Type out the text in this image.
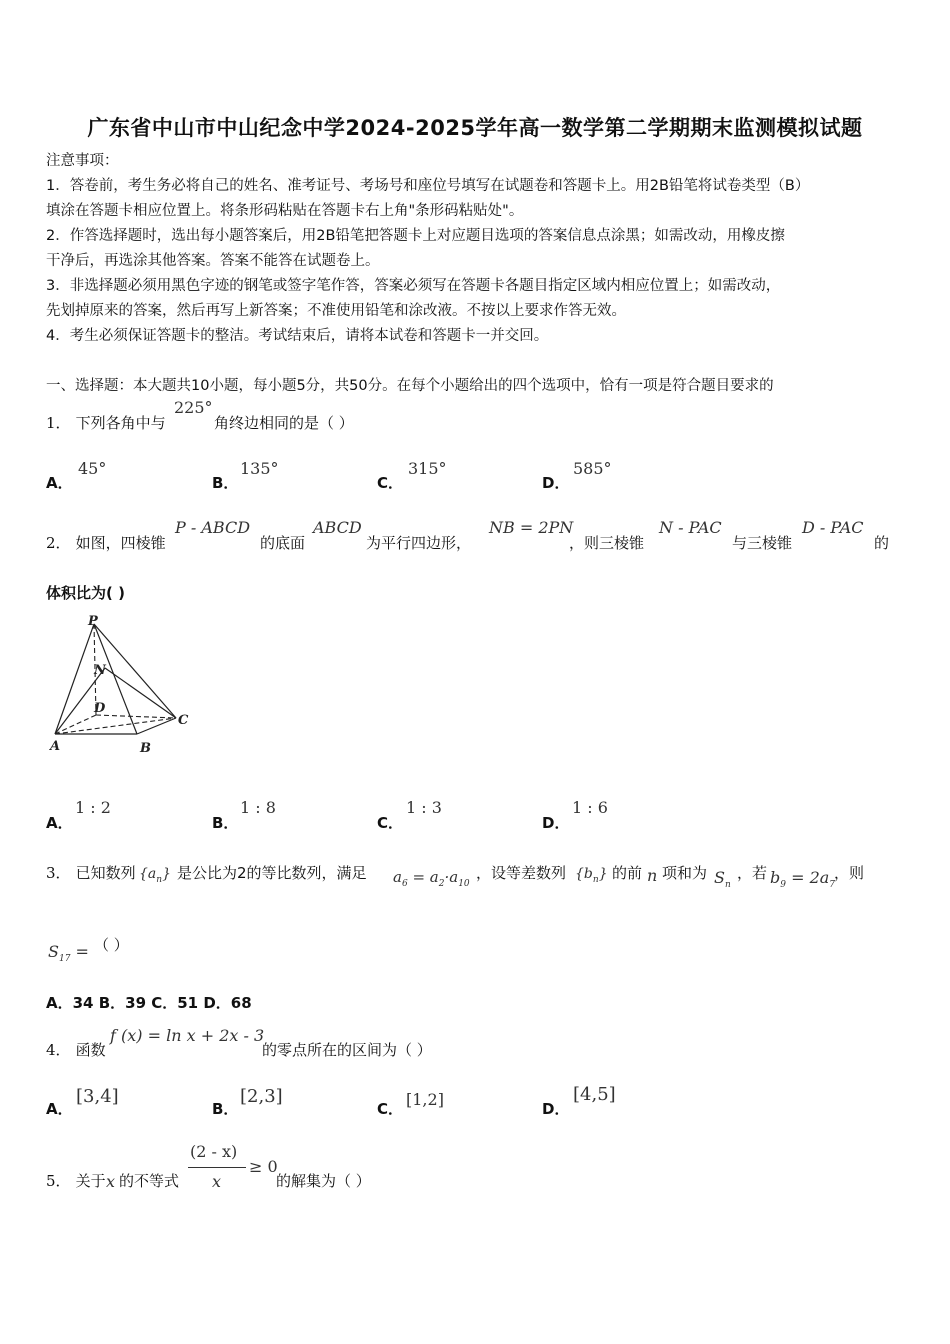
广东省中山市中山纪念中学2024-2025学年高一数学第二学期期末监测模拟试题
注意事项：
1．答卷前，考生务必将自己的姓名、准考证号、考场号和座位号填写在试题卷和答题卡上。用2B铅笔将试卷类型（B）
填涂在答题卡相应位置上。将条形码粘贴在答题卡右上角"条形码粘贴处"。
2．作答选择题时，选出每小题答案后，用2B铅笔把答题卡上对应题目选项的答案信息点涂黑；如需改动，用橡皮擦
干净后，再选涂其他答案。答案不能答在试题卷上。
3．非选择题必须用黑色字迹的钢笔或签字笔作答，答案必须写在答题卡各题目指定区域内相应位置上；如需改动，
先划掉原来的答案，然后再写上新答案；不准使用铅笔和涂改液。不按以上要求作答无效。
4．考生必须保证答题卡的整洁。考试结束后，请将本试卷和答题卡一并交回。
一、选择题：本大题共10小题，每小题5分，共50分。在每个小题给出的四个选项中，恰有一项是符合题目要求的
1． 下列各角中与
225°
角终边相同的是（ ）
A．
45°
B．
135°
C．
315°
D．
585°
2． 如图，四棱锥
P - ABCD
的底面
ABCD
为平行四边形，
NB = 2PN
，则三棱锥
N - PAC
与三棱锥
D - PAC
的
体积比为( )
P
N
D
C
A	B
A．
1 : 2
B．
1 : 8
C．
1 : 3
D．
1 : 6
3． 已知数列 $\{a_n\}$ 是公比为2的等比数列，满足 $a_6 = a_2\cdot a_{10}$
，设等差数列 $\{b_n\}$ 的前 n 项和为 $S_n$
，若 $b_9 = 2a_7$
，则
$S_{17}$ = （ ）
A．34 B．39 C．51 D．68
4． 函数
f (x) = ln x + 2x - 3
的零点所在的区间为（ ）
A．
[3,4]
B．
[2,3]
C． [1,2]	D．
[4,5]
5． 关于 x 的不等式
(2 - x)
x
≥ 0
的解集为（ ）
